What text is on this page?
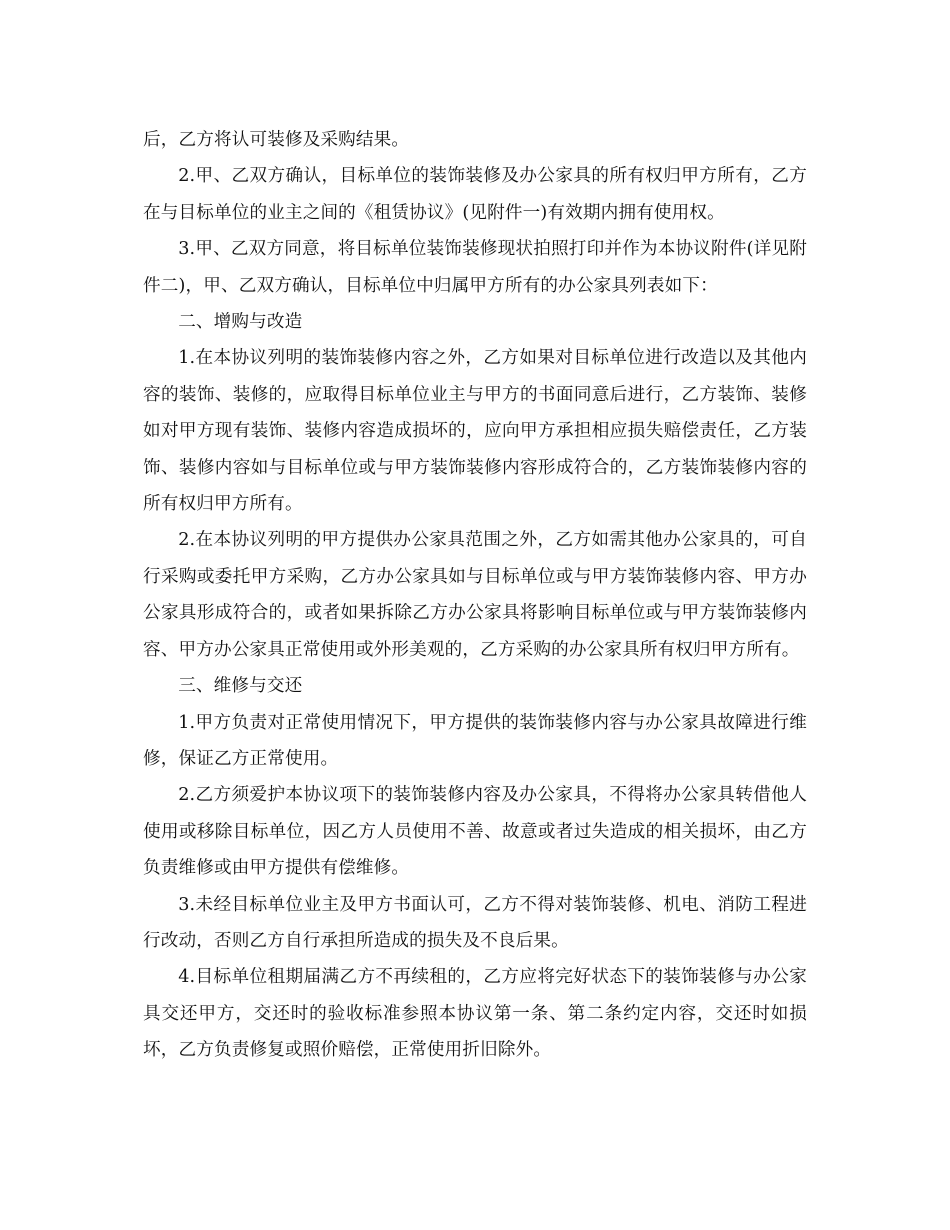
后，乙方将认可装修及采购结果。

2.甲、乙双方确认，目标单位的装饰装修及办公家具的所有权归甲方所有，乙方在与目标单位的业主之间的《租赁协议》(见附件一)有效期内拥有使用权。

3.甲、乙双方同意，将目标单位装饰装修现状拍照打印并作为本协议附件(详见附件二)，甲、乙双方确认，目标单位中归属甲方所有的办公家具列表如下：

二、增购与改造

1.在本协议列明的装饰装修内容之外，乙方如果对目标单位进行改造以及其他内容的装饰、装修的，应取得目标单位业主与甲方的书面同意后进行，乙方装饰、装修如对甲方现有装饰、装修内容造成损坏的，应向甲方承担相应损失赔偿责任，乙方装饰、装修内容如与目标单位或与甲方装饰装修内容形成符合的，乙方装饰装修内容的所有权归甲方所有。

2.在本协议列明的甲方提供办公家具范围之外，乙方如需其他办公家具的，可自行采购或委托甲方采购，乙方办公家具如与目标单位或与甲方装饰装修内容、甲方办公家具形成符合的，或者如果拆除乙方办公家具将影响目标单位或与甲方装饰装修内容、甲方办公家具正常使用或外形美观的，乙方采购的办公家具所有权归甲方所有。

三、维修与交还

1.甲方负责对正常使用情况下，甲方提供的装饰装修内容与办公家具故障进行维修，保证乙方正常使用。

2.乙方须爱护本协议项下的装饰装修内容及办公家具，不得将办公家具转借他人使用或移除目标单位，因乙方人员使用不善、故意或者过失造成的相关损坏，由乙方负责维修或由甲方提供有偿维修。

3.未经目标单位业主及甲方书面认可，乙方不得对装饰装修、机电、消防工程进行改动，否则乙方自行承担所造成的损失及不良后果。

4.目标单位租期届满乙方不再续租的，乙方应将完好状态下的装饰装修与办公家具交还甲方，交还时的验收标准参照本协议第一条、第二条约定内容，交还时如损坏，乙方负责修复或照价赔偿，正常使用折旧除外。
